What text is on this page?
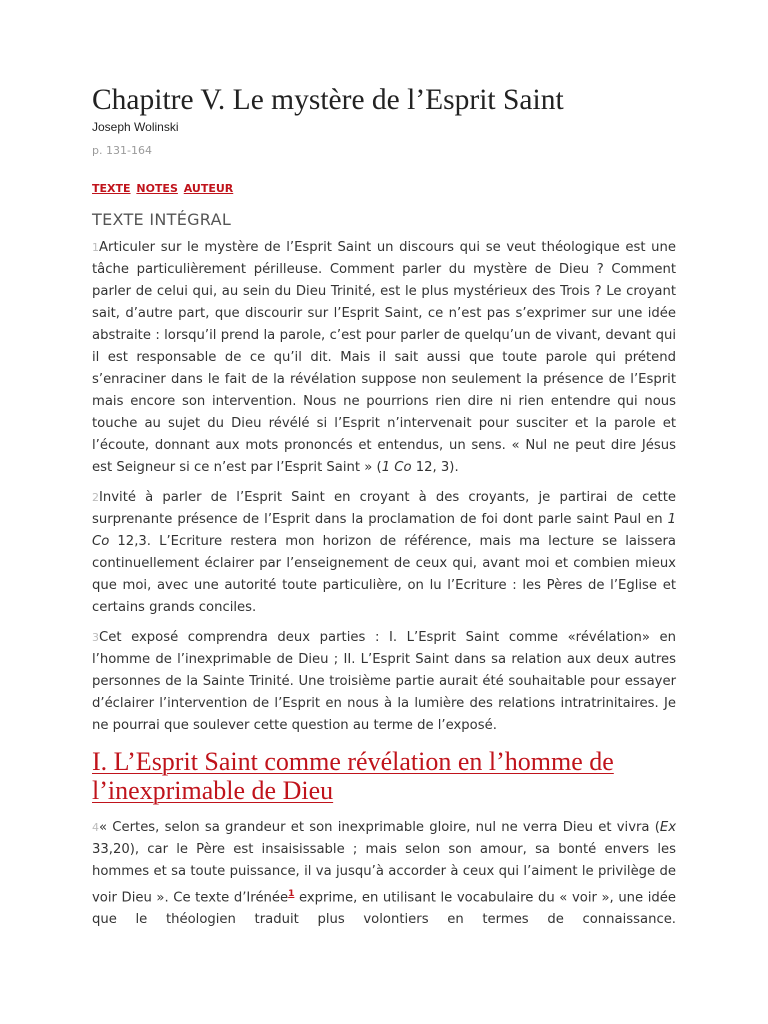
Chapitre V. Le mystère de l’Esprit Saint
Joseph Wolinski
p. 131-164
TEXTE NOTES AUTEUR
TEXTE INTÉGRAL

1Articuler sur le mystère de l’Esprit Saint un discours qui se veut théologique est une tâche particulièrement périlleuse. Comment parler du mystère de Dieu ? Comment parler de celui qui, au sein du Dieu Trinité, est le plus mystérieux des Trois ? Le croyant sait, d’autre part, que discourir sur l’Esprit Saint, ce n’est pas s’exprimer sur une idée abstraite : lorsqu’il prend la parole, c’est pour parler de quelqu’un de vivant, devant qui il est responsable de ce qu’il dit. Mais il sait aussi que toute parole qui prétend s’enraciner dans le fait de la révélation suppose non seulement la présence de l’Esprit mais encore son intervention. Nous ne pourrions rien dire ni rien entendre qui nous touche au sujet du Dieu révélé si l’Esprit n’intervenait pour susciter et la parole et l’écoute, donnant aux mots prononcés et entendus, un sens. « Nul ne peut dire Jésus est Seigneur si ce n’est par l’Esprit Saint » (1 Co 12, 3).

2Invité à parler de l’Esprit Saint en croyant à des croyants, je partirai de cette surprenante présence de l’Esprit dans la proclamation de foi dont parle saint Paul en 1 Co 12,3. L’Ecriture restera mon horizon de référence, mais ma lecture se laissera continuellement éclairer par l’enseignement de ceux qui, avant moi et combien mieux que moi, avec une autorité toute particulière, on lu l’Ecriture : les Pères de l’Eglise et certains grands conciles.

3Cet exposé comprendra deux parties : I. L’Esprit Saint comme «révélation» en l’homme de l’inexprimable de Dieu ; II. L’Esprit Saint dans sa relation aux deux autres personnes de la Sainte Trinité. Une troisième partie aurait été souhaitable pour essayer d’éclairer l’intervention de l’Esprit en nous à la lumière des relations intratrinitaires. Je ne pourrai que soulever cette question au terme de l’exposé.

I. L’Esprit Saint comme révélation en l’homme de l’inexprimable de Dieu

4« Certes, selon sa grandeur et son inexprimable gloire, nul ne verra Dieu et vivra (Ex 33,20), car le Père est insaisissable ; mais selon son amour, sa bonté envers les hommes et sa toute puissance, il va jusqu’à accorder à ceux qui l’aiment le privilège de voir Dieu ». Ce texte d’Irénée$^1$ exprime, en utilisant le vocabulaire du « voir », une idée que le théologien traduit plus volontiers en termes de connaissance.
